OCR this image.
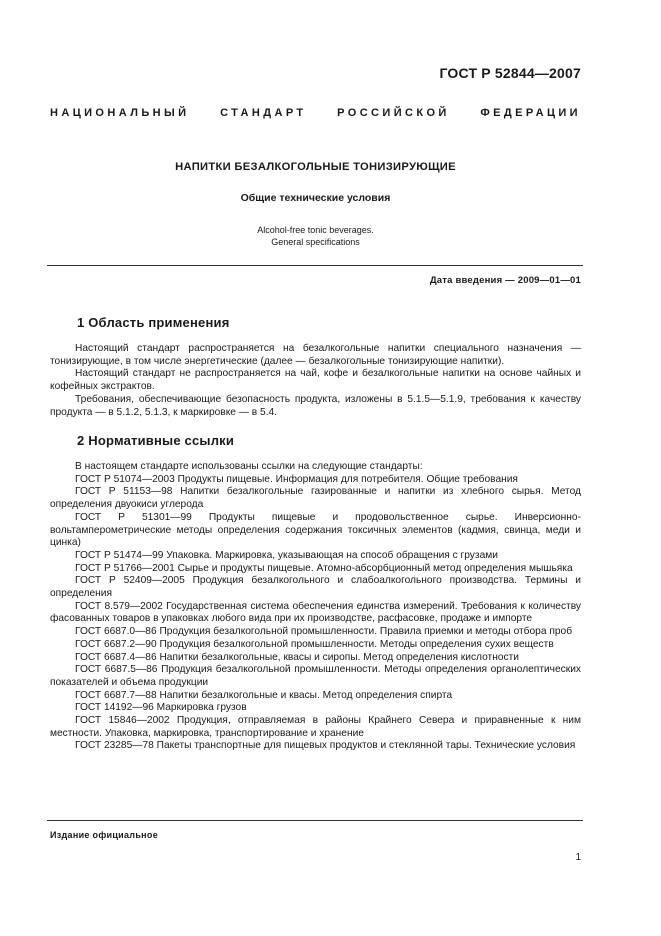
ГОСТ Р 52844—2007
НАЦИОНАЛЬНЫЙ СТАНДАРТ РОССИЙСКОЙ ФЕДЕРАЦИИ
НАПИТКИ БЕЗАЛКОГОЛЬНЫЕ ТОНИЗИРУЮЩИЕ
Общие технические условия
Alcohol-free tonic beverages.
General specifications
Дата введения — 2009—01—01
1 Область применения

Настоящий стандарт распространяется на безалкогольные напитки специального назначения — тонизирующие, в том числе энергетические (далее — безалкогольные тонизирующие напитки).

Настоящий стандарт не распространяется на чай, кофе и безалкогольные напитки на основе чайных и кофейных экстрактов.

Требования, обеспечивающие безопасность продукта, изложены в 5.1.5—5.1.9, требования к качеству продукта — в 5.1.2, 5.1.3, к маркировке — в 5.4.

2 Нормативные ссылки

В настоящем стандарте использованы ссылки на следующие стандарты:

ГОСТ Р 51074—2003 Продукты пищевые. Информация для потребителя. Общие требования

ГОСТ Р 51153—98 Напитки безалкогольные газированные и напитки из хлебного сырья. Метод определения двуокиси углерода

ГОСТ Р 51301—99 Продукты пищевые и продовольственное сырье. Инверсионно-вольтамперометрические методы определения содержания токсичных элементов (кадмия, свинца, меди и цинка)

ГОСТ Р 51474—99 Упаковка. Маркировка, указывающая на способ обращения с грузами

ГОСТ Р 51766—2001 Сырье и продукты пищевые. Атомно-абсорбционный метод определения мышьяка

ГОСТ Р 52409—2005 Продукция безалкогольного и слабоалкогольного производства. Термины и определения

ГОСТ 8.579—2002 Государственная система обеспечения единства измерений. Требования к количеству фасованных товаров в упаковках любого вида при их производстве, расфасовке, продаже и импорте

ГОСТ 6687.0—86 Продукция безалкогольной промышленности. Правила приемки и методы отбора проб

ГОСТ 6687.2—90 Продукция безалкогольной промышленности. Методы определения сухих веществ

ГОСТ 6687.4—86 Напитки безалкогольные, квасы и сиропы. Метод определения кислотности

ГОСТ 6687.5—86 Продукция безалкогольной промышленности. Методы определения органолептических показателей и объема продукции

ГОСТ 6687.7—88 Напитки безалкогольные и квасы. Метод определения спирта

ГОСТ 14192—96 Маркировка грузов

ГОСТ 15846—2002 Продукция, отправляемая в районы Крайнего Севера и приравненные к ним местности. Упаковка, маркировка, транспортирование и хранение

ГОСТ 23285—78 Пакеты транспортные для пищевых продуктов и стеклянной тары. Технические условия

Издание официальное
1
